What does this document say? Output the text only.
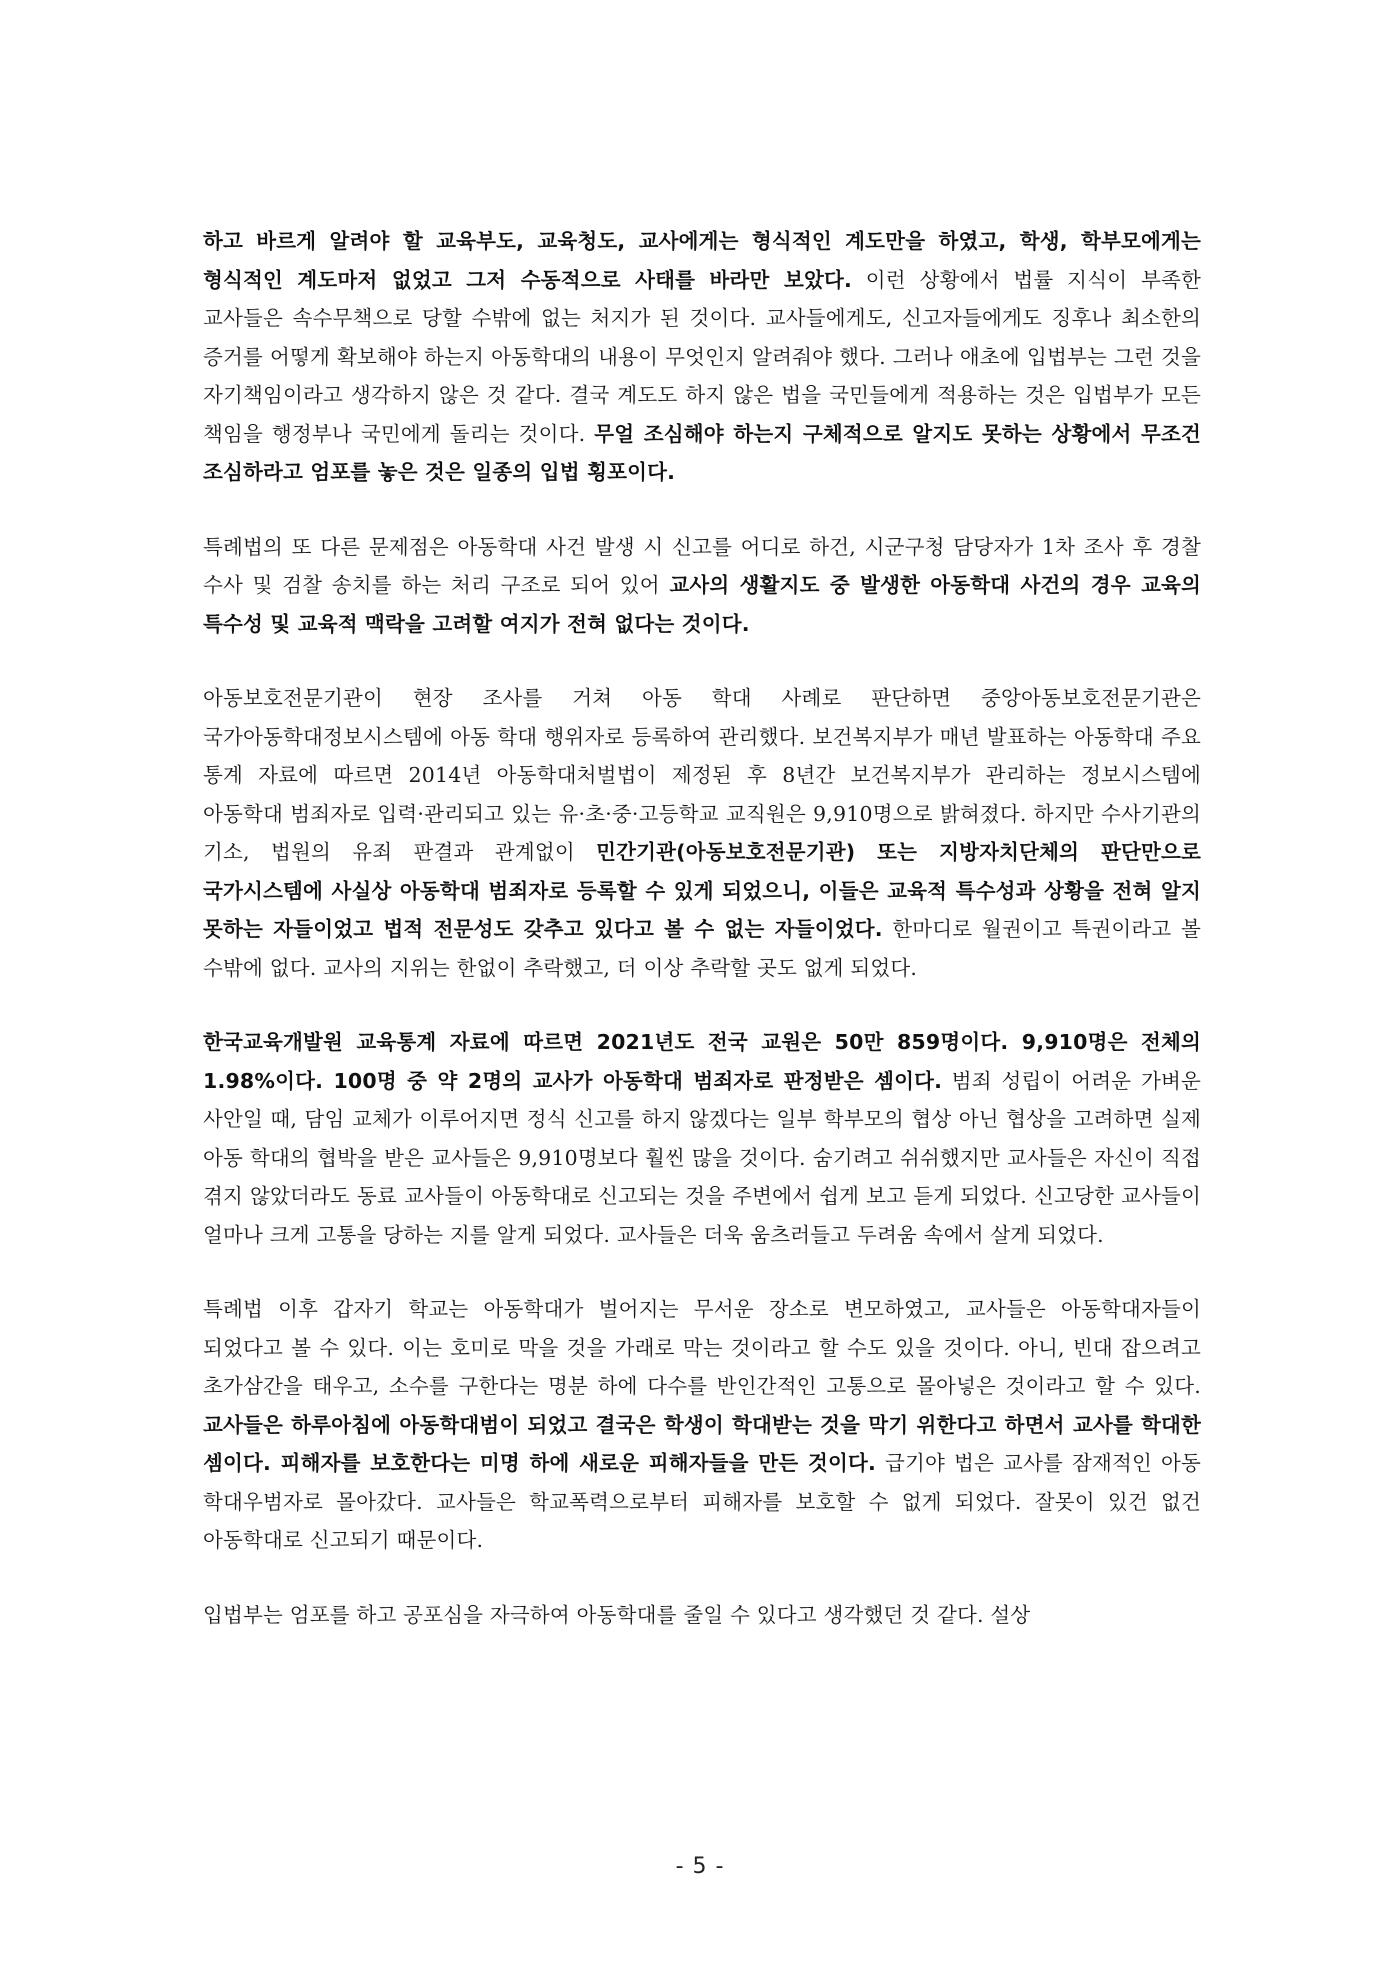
하고 바르게 알려야 할 교육부도, 교육청도, 교사에게는 형식적인 계도만을 하였고, 학생, 학부모에게는 형식적인 계도마저 없었고 그저 수동적으로 사태를 바라만 보았다. 이런 상황에서 법률 지식이 부족한 교사들은 속수무책으로 당할 수밖에 없는 처지가 된 것이다. 교사들에게도, 신고자들에게도 징후나 최소한의 증거를 어떻게 확보해야 하는지 아동학대의 내용이 무엇인지 알려줘야 했다. 그러나 애초에 입법부는 그런 것을 자기책임이라고 생각하지 않은 것 같다. 결국 계도도 하지 않은 법을 국민들에게 적용하는 것은 입법부가 모든 책임을 행정부나 국민에게 돌리는 것이다. 무얼 조심해야 하는지 구체적으로 알지도 못하는 상황에서 무조건 조심하라고 엄포를 놓은 것은 일종의 입법 횡포이다.

특례법의 또 다른 문제점은 아동학대 사건 발생 시 신고를 어디로 하건, 시군구청 담당자가 1차 조사 후 경찰 수사 및 검찰 송치를 하는 처리 구조로 되어 있어 교사의 생활지도 중 발생한 아동학대 사건의 경우 교육의 특수성 및 교육적 맥락을 고려할 여지가 전혀 없다는 것이다.

아동보호전문기관이 현장 조사를 거쳐 아동 학대 사례로 판단하면 중앙아동보호전문기관은 국가아동학대정보시스템에 아동 학대 행위자로 등록하여 관리했다. 보건복지부가 매년 발표하는 아동학대 주요 통계 자료에 따르면 2014년 아동학대처벌법이 제정된 후 8년간 보건복지부가 관리하는 정보시스템에 아동학대 범죄자로 입력·관리되고 있는 유·초·중·고등학교 교직원은 9,910명으로 밝혀졌다. 하지만 수사기관의 기소, 법원의 유죄 판결과 관계없이 민간기관(아동보호전문기관) 또는 지방자치단체의 판단만으로 국가시스템에 사실상 아동학대 범죄자로 등록할 수 있게 되었으니, 이들은 교육적 특수성과 상황을 전혀 알지 못하는 자들이었고 법적 전문성도 갖추고 있다고 볼 수 없는 자들이었다. 한마디로 월권이고 특권이라고 볼 수밖에 없다. 교사의 지위는 한없이 추락했고, 더 이상 추락할 곳도 없게 되었다.

한국교육개발원 교육통계 자료에 따르면 2021년도 전국 교원은 50만 859명이다. 9,910명은 전체의 1.98%이다. 100명 중 약 2명의 교사가 아동학대 범죄자로 판정받은 셈이다. 범죄 성립이 어려운 가벼운 사안일 때, 담임 교체가 이루어지면 정식 신고를 하지 않겠다는 일부 학부모의 협상 아닌 협상을 고려하면 실제 아동 학대의 협박을 받은 교사들은 9,910명보다 훨씬 많을 것이다. 숨기려고 쉬쉬했지만 교사들은 자신이 직접 겪지 않았더라도 동료 교사들이 아동학대로 신고되는 것을 주변에서 쉽게 보고 듣게 되었다. 신고당한 교사들이 얼마나 크게 고통을 당하는 지를 알게 되었다. 교사들은 더욱 움츠러들고 두려움 속에서 살게 되었다.

특례법 이후 갑자기 학교는 아동학대가 벌어지는 무서운 장소로 변모하였고, 교사들은 아동학대자들이 되었다고 볼 수 있다. 이는 호미로 막을 것을 가래로 막는 것이라고 할 수도 있을 것이다. 아니, 빈대 잡으려고 초가삼간을 태우고, 소수를 구한다는 명분 하에 다수를 반인간적인 고통으로 몰아넣은 것이라고 할 수 있다. 교사들은 하루아침에 아동학대범이 되었고 결국은 학생이 학대받는 것을 막기 위한다고 하면서 교사를 학대한 셈이다. 피해자를 보호한다는 미명 하에 새로운 피해자들을 만든 것이다. 급기야 법은 교사를 잠재적인 아동 학대우범자로 몰아갔다. 교사들은 학교폭력으로부터 피해자를 보호할 수 없게 되었다. 잘못이 있건 없건 아동학대로 신고되기 때문이다.

입법부는 엄포를 하고 공포심을 자극하여 아동학대를 줄일 수 있다고 생각했던 것 같다. 설상

- 5 -
